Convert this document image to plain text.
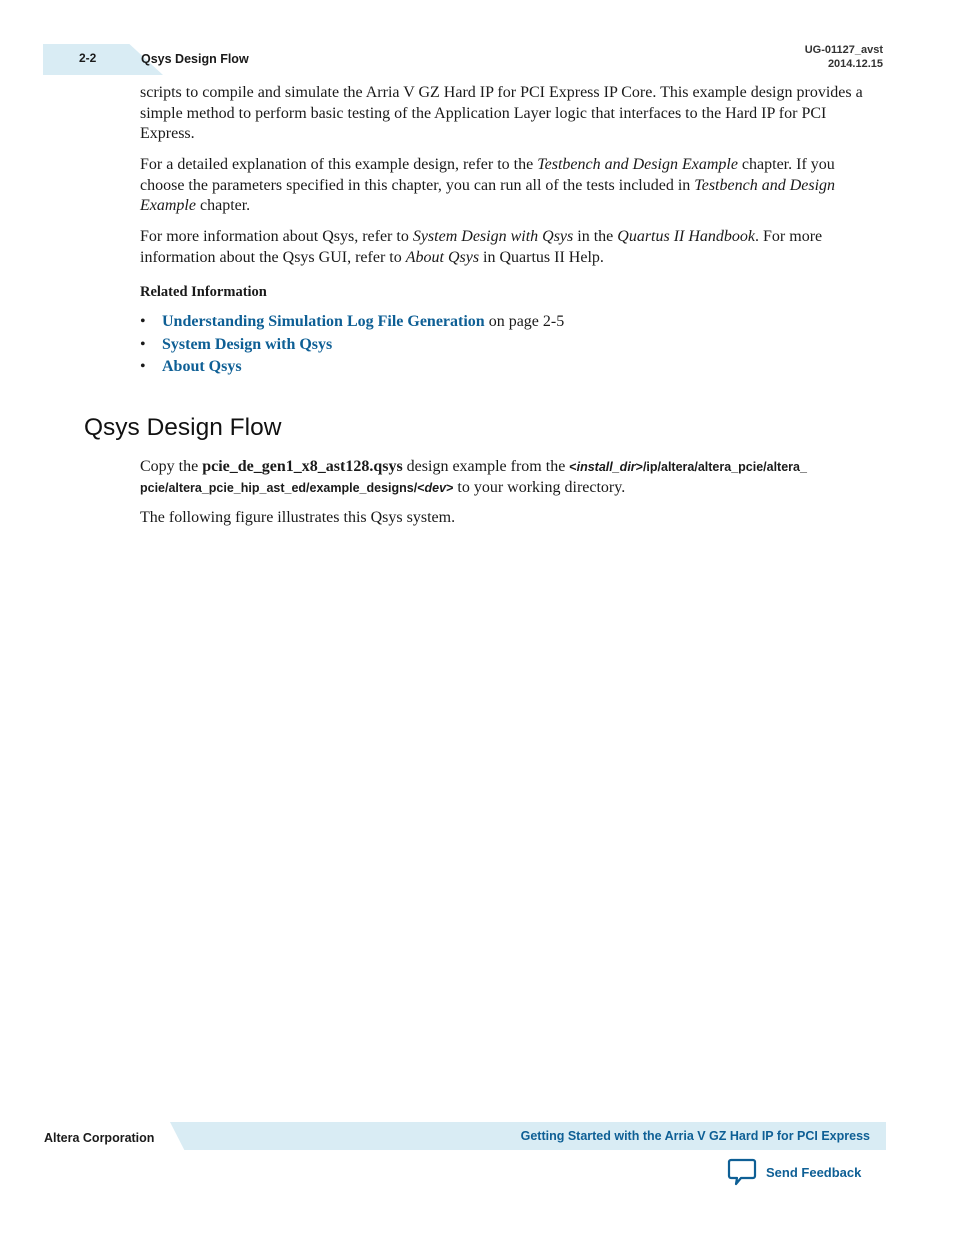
2-2	Qsys Design Flow
UG-01127_avst
2014.12.15

scripts to compile and simulate the Arria V GZ Hard IP for PCI Express IP Core. This example design provides a simple method to perform basic testing of the Application Layer logic that interfaces to the Hard IP for PCI Express.

For a detailed explanation of this example design, refer to the Testbench and Design Example chapter. If you choose the parameters specified in this chapter, you can run all of the tests included in Testbench and Design Example chapter.

For more information about Qsys, refer to System Design with Qsys in the Quartus II Handbook. For more information about the Qsys GUI, refer to About Qsys in Quartus II Help.

Related Information
• Understanding Simulation Log File Generation on page 2-5
• System Design with Qsys
• About Qsys
Qsys Design Flow

Copy the pcie_de_gen1_x8_ast128.qsys design example from the <install_dir>/ip/altera/altera_pcie/altera_
pcie/altera_pcie_hip_ast_ed/example_designs/<dev> to your working directory.

The following figure illustrates this Qsys system.

Altera Corporation	Getting Started with the Arria V GZ Hard IP for PCI Express
Send Feedback
